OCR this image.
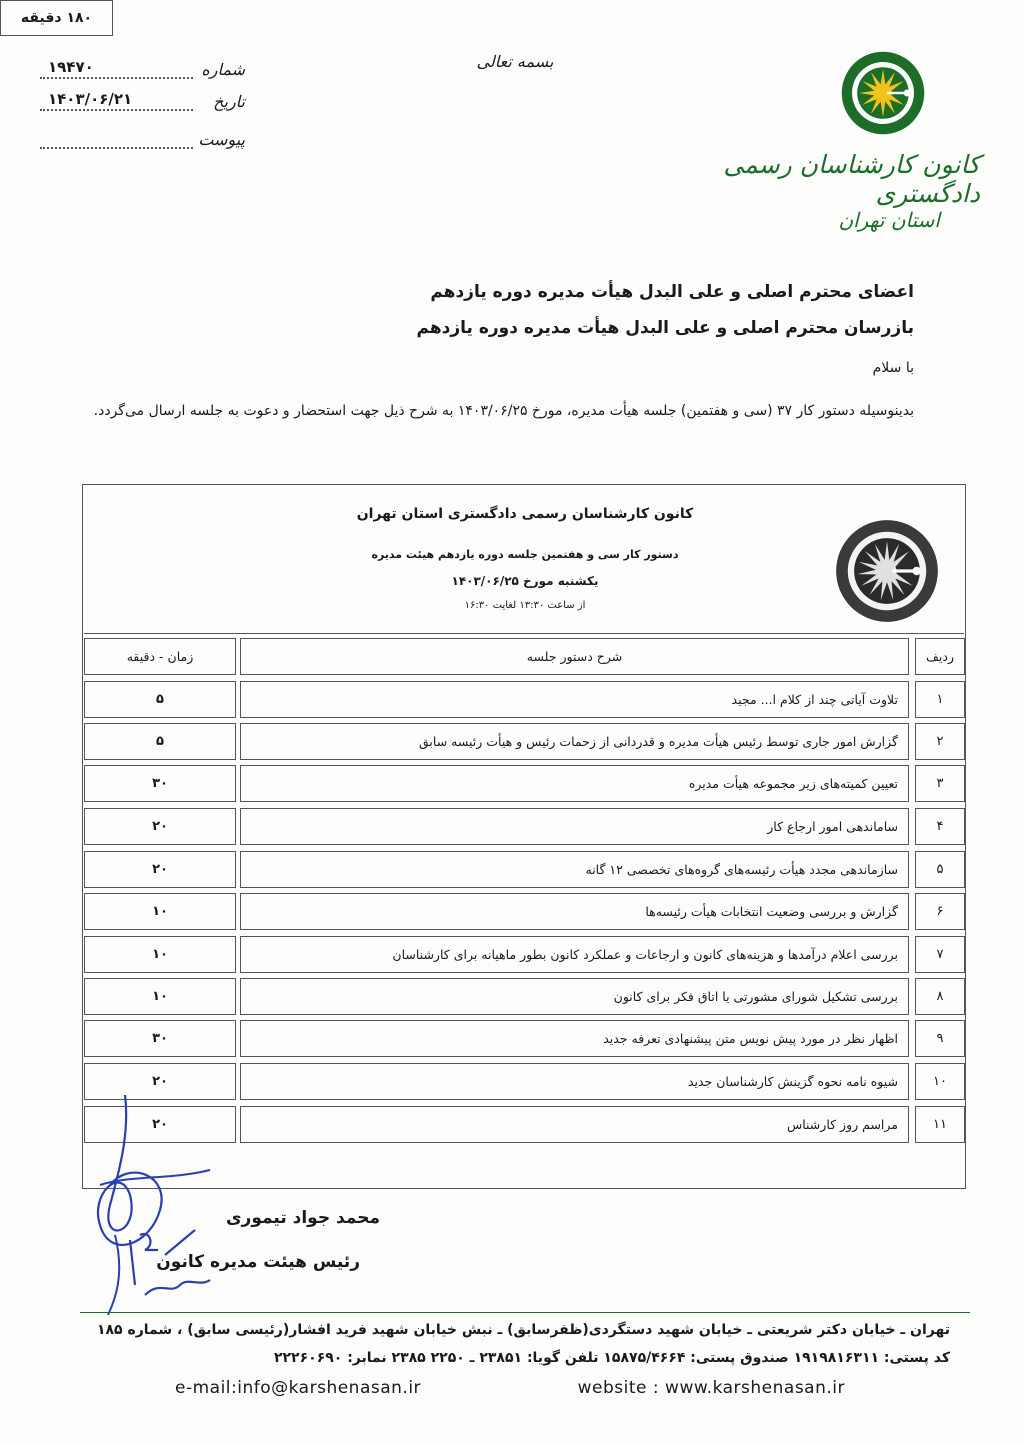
بسمه تعالی
شماره
۱۹۴۷۰
تاریخ
۱۴۰۳/۰۶/۲۱
پیوست
کانون کارشناسان رسمی دادگستری
استان تهران
اعضای محترم اصلی و علی البدل هیأت مدیره دوره یازدهم
بازرسان محترم اصلی و علی البدل هیأت مدیره دوره یازدهم
با سلام
بدینوسیله دستور کار ۳۷ (سی و هفتمین) جلسه هیأت مدیره، مورخ ۱۴۰۳/۰۶/۲۵ به شرح ذیل جهت استحضار و دعوت به جلسه ارسال می‌گردد.
کانون کارشناسان رسمی دادگستری استان تهران
دستور کار سی و هفتمین جلسه دوره یازدهم هیئت مدیره
یکشنبه مورخ ۱۴۰۳/۰۶/۲۵
از ساعت ۱۳:۳۰ لغایت ۱۶:۳۰
ردیف
شرح دستور جلسه
زمان - دقیقه
۱
تلاوت آیاتی چند از کلام ا... مجید
۵
۲
گزارش امور جاری توسط رئیس هیأت مدیره و قدردانی از زحمات رئیس و هیأت رئیسه سابق
۵
۳
تعیین کمیته‌های زیر مجموعه هیأت مدیره
۳۰
۴
ساماندهی امور ارجاع کار
۲۰
۵
سازماندهی مجدد هیأت رئیسه‌های گروه‌های تخصصی ۱۲ گانه
۲۰
۶
گزارش و بررسی وضعیت انتخابات هیأت رئیسه‌ها
۱۰
۷
بررسی اعلام درآمدها و هزینه‌های کانون و ارجاعات و عملکرد کانون بطور ماهیانه برای کارشناسان
۱۰
۸
بررسی تشکیل شورای مشورتی یا اتاق فکر برای کانون
۱۰
۹
اظهار نظر در مورد پیش نویس متن پیشنهادی تعرفه جدید
۳۰
۱۰
شیوه نامه نحوه گزینش کارشناسان جدید
۲۰
۱۱
مراسم روز کارشناس
۲۰
۱۸۰ دقیقه
محمد جواد تیموری
رئیس هیئت مدیره کانون
تهران ـ خیابان دکتر شریعتی ـ خیابان شهید دستگردی(ظفرسابق) ـ نبش خیابان شهید فرید افشار(رئیسی سابق) ، شماره ۱۸۵
کد پستی: ۱۹۱۹۸۱۶۳۱۱ صندوق پستی: ۱۵۸۷۵/۴۶۶۴ تلفن گویا: ۲۳۸۵۱ ـ ۲۲۵۰ ۲۳۸۵ نمابر: ۲۲۲۶۰۶۹۰
e-mail:info@karshenasan.ir	website : www.karshenasan.ir
